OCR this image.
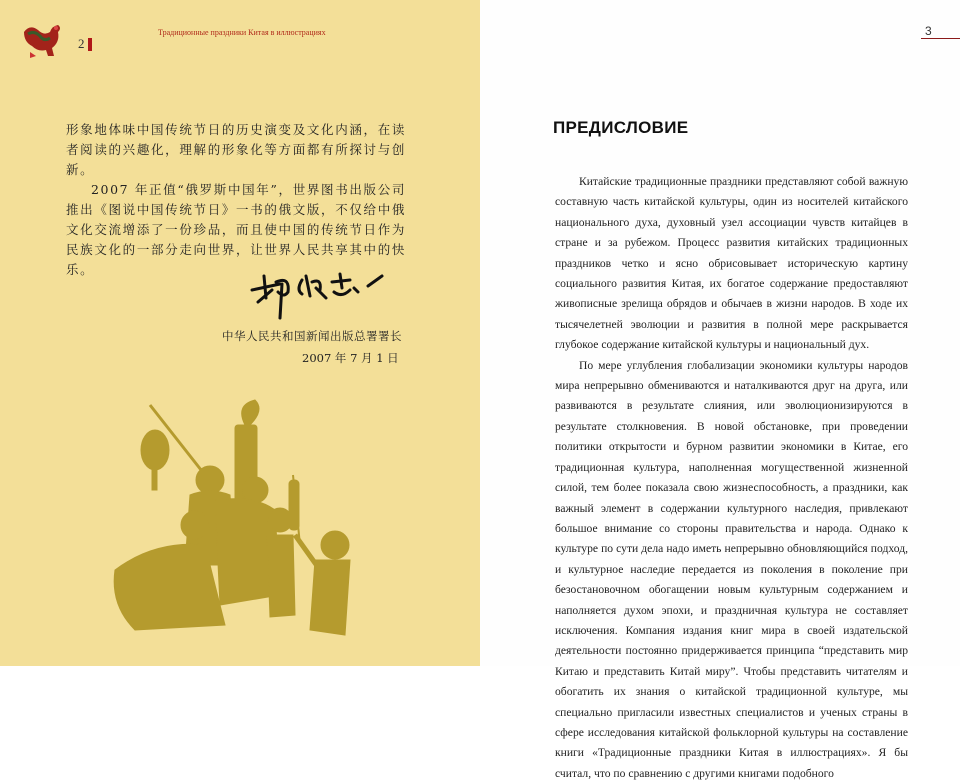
2
Традиционные праздники Китая в иллюстрациях

形象地体味中国传统节日的历史演变及文化内涵，在读者阅读的兴趣化，理解的形象化等方面都有所探讨与创新。

2007 年正值“俄罗斯中国年”，世界图书出版公司推出《图说中国传统节日》一书的俄文版，不仅给中俄文化交流增添了一份珍品，而且使中国的传统节日作为民族文化的一部分走向世界，让世界人民共享其中的快乐。

中华人民共和国新闻出版总署署长
2007 年 7 月 1 日
3
ПРЕДИСЛОВИЕ

Китайские традиционные праздники представляют собой важную составную часть китайской культуры, один из носителей китайского национального духа, духовный узел ассоциации чувств китайцев в стране и за рубежом. Процесс развития китайских традиционных праздников четко и ясно обрисовывает историческую картину социального развития Китая, их богатое содержание предоставляют живописные зрелища обрядов и обычаев в жизни народов. В ходе их тысячелетней эволюции и развития в полной мере раскрывается глубокое содержание китайской культуры и национальный дух.

По мере углубления глобализации экономики культуры народов мира непрерывно обмениваются и наталкиваются друг на друга, или развиваются в результате слияния, или эволюционизируются в результате столкновения. В новой обстановке, при проведении политики открытости и бурном развитии экономики в Китае, его традиционная культура, наполненная могущественной жизненной силой, тем более показала свою жизнеспособность, а праздники, как важный элемент в содержании культурного наследия, привлекают большое внимание со стороны правительства и народа. Однако к культуре по сути дела надо иметь непрерывно обновляющийся подход, и культурное наследие передается из поколения в поколение при безостановочном обогащении новым культурным содержанием и наполняется духом эпохи, и праздничная культура не составляет исключения. Компания издания книг мира в своей издательской деятельности постоянно придерживается принципа “представить мир Китаю и представить Китай миру”. Чтобы представить читателям и обогатить их знания о китайской традиционной культуре, мы специально пригласили известных специалистов и ученых страны в сфере исследования китайской фольклорной культуры на составление книги «Традиционные праздники Китая в иллюстрациях». Я бы считал, что по сравнению с другими книгами подобного
